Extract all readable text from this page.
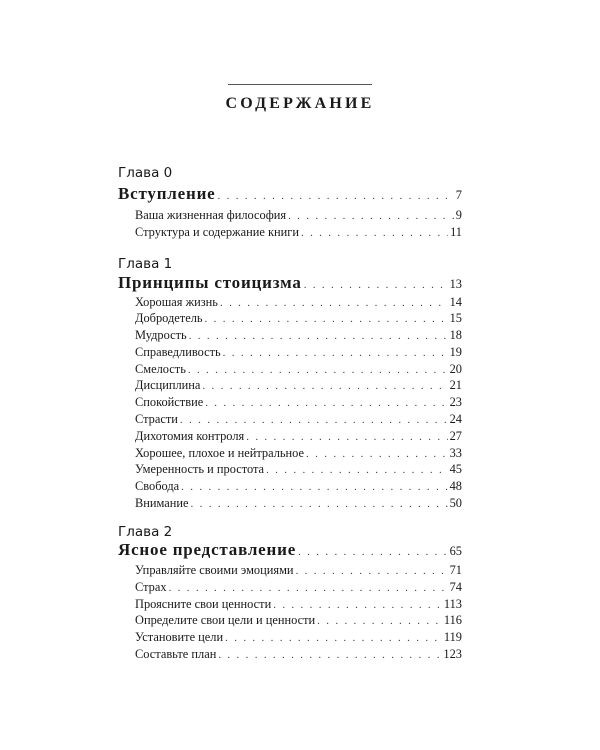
СОДЕРЖАНИЕ
Глава 0
Вступление . . .	7
Ваша жизненная философия . . .	9
Структура и содержание книги . . .	11
Глава 1
Принципы стоицизма . . .	13
Хорошая жизнь . . .	14
Добродетель . . .	15
Мудрость . . .	18
Справедливость . . .	19
Смелость . . .	20
Дисциплина . . .	21
Спокойствие . . .	23
Страсти . . .	24
Дихотомия контроля . . .	27
Хорошее, плохое и нейтральное . . .	33
Умеренность и простота . . .	45
Свобода . . .	48
Внимание . . .	50
Глава 2
Ясное представление . . .	65
Управляйте своими эмоциями . . .	71
Страх . . .	74
Проясните свои ценности . . .	113
Определите свои цели и ценности . . .	116
Установите цели . . .	119
Составьте план . . .	123
